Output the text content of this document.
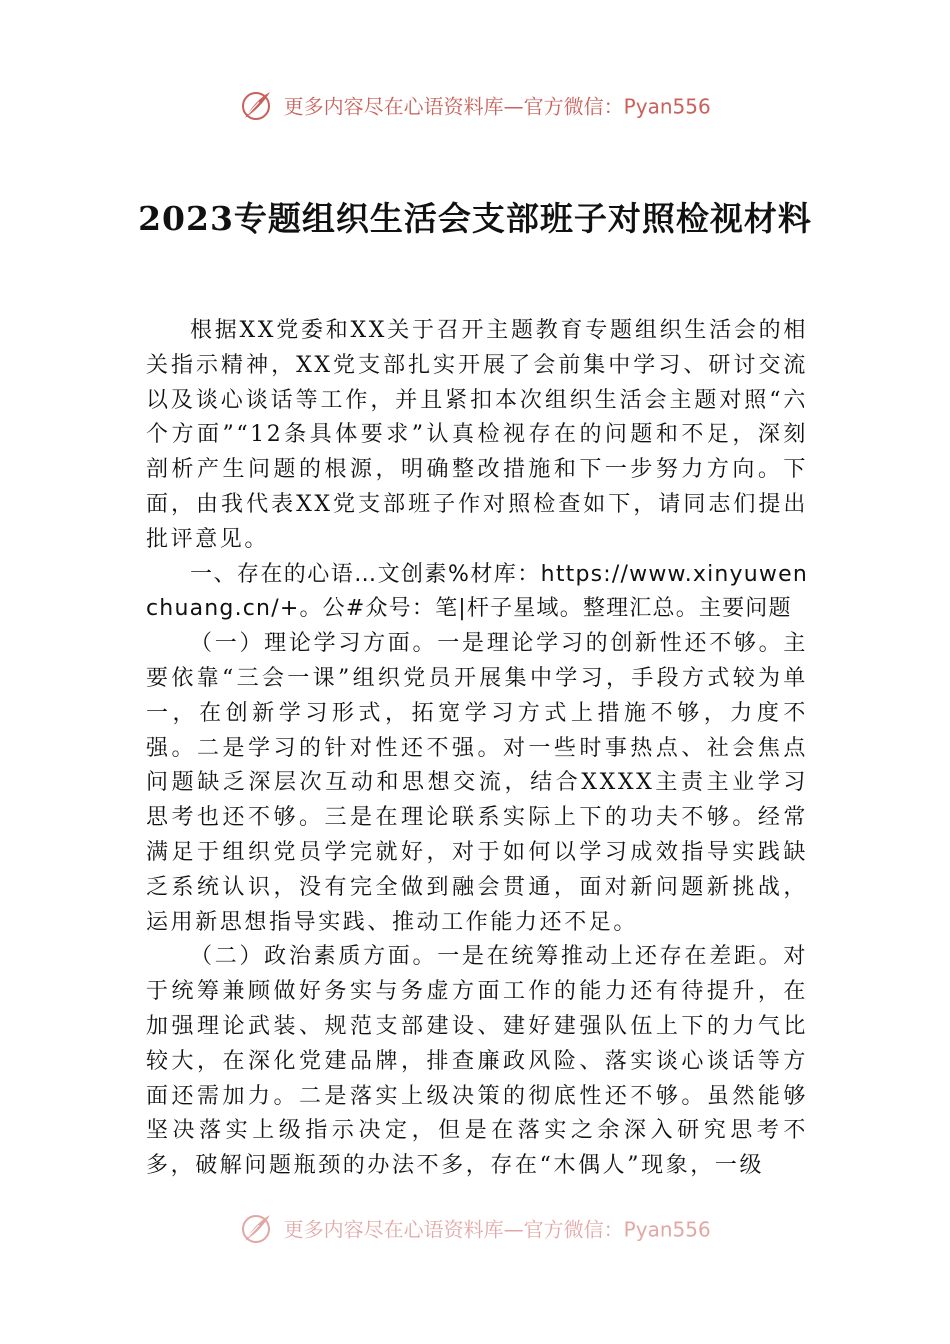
更多内容尽在心语资料库—官方微信：Pyan556
2023专题组织生活会支部班子对照检视材料

根据XX党委和XX关于召开主题教育专题组织生活会的相关指示精神，XX党支部扎实开展了会前集中学习、研讨交流以及谈心谈话等工作，并且紧扣本次组织生活会主题对照“六个方面”“12条具体要求”认真检视存在的问题和不足，深刻剖析产生问题的根源，明确整改措施和下一步努力方向。下面，由我代表XX党支部班子作对照检查如下，请同志们提出批评意见。

一、存在的心语…文创素%材库：https://www.xinyuwenchuang.cn/+。公#众号：笔|杆子星域。整理汇总。主要问题

（一）理论学习方面。一是理论学习的创新性还不够。主要依靠“三会一课”组织党员开展集中学习，手段方式较为单一，在创新学习形式，拓宽学习方式上措施不够，力度不强。二是学习的针对性还不强。对一些时事热点、社会焦点问题缺乏深层次互动和思想交流，结合XXXX主责主业学习思考也还不够。三是在理论联系实际上下的功夫不够。经常满足于组织党员学完就好，对于如何以学习成效指导实践缺乏系统认识，没有完全做到融会贯通，面对新问题新挑战，运用新思想指导实践、推动工作能力还不足。

（二）政治素质方面。一是在统筹推动上还存在差距。对于统筹兼顾做好务实与务虚方面工作的能力还有待提升，在加强理论武装、规范支部建设、建好建强队伍上下的力气比较大，在深化党建品牌，排查廉政风险、落实谈心谈话等方面还需加力。二是落实上级决策的彻底性还不够。虽然能够坚决落实上级指示决定，但是在落实之余深入研究思考不多，破解问题瓶颈的办法不多，存在“木偶人”现象，一级

更多内容尽在心语资料库—官方微信：Pyan556
